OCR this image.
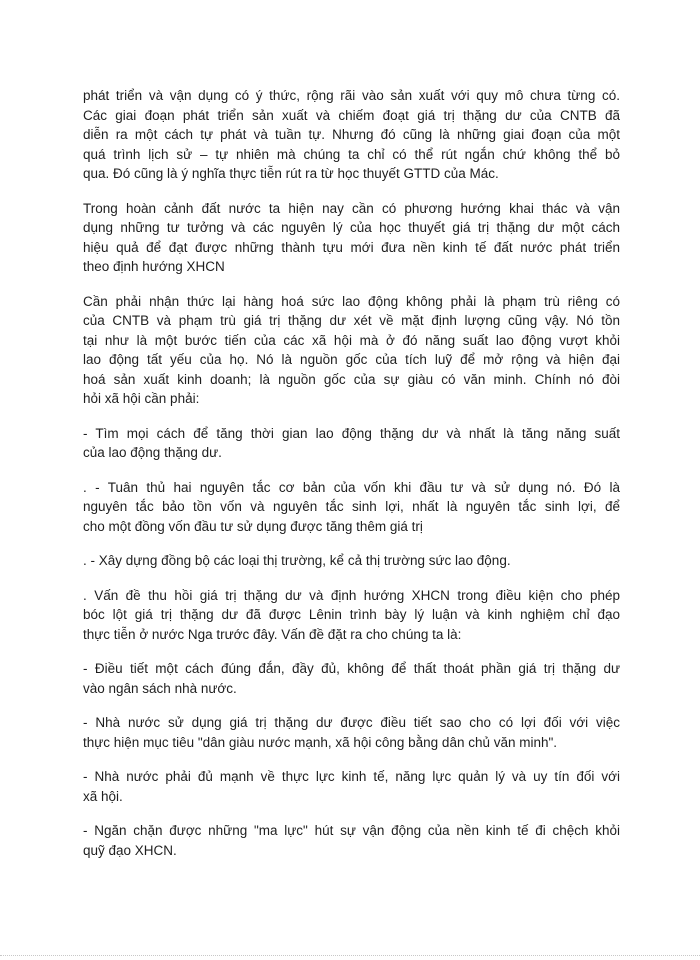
phát triển và vận dụng có ý thức, rộng rãi vào sản xuất với quy mô chưa từng có.
Các giai đoạn phát triển sản xuất và chiếm đoạt giá trị thặng dư của CNTB đã
diễn ra một cách tự phát và tuần tự. Nhưng đó cũng là những giai đoạn của một
quá trình lịch sử – tự nhiên mà chúng ta chỉ có thể rút ngắn chứ không thể bỏ
qua. Đó cũng là ý nghĩa thực tiễn rút ra từ học thuyết GTTD của Mác.

Trong hoàn cảnh đất nước ta hiện nay cần có phương hướng khai thác và vận
dụng những tư tưởng và các nguyên lý của học thuyết giá trị thặng dư một cách
hiệu quả để đạt được những thành tựu mới đưa nền kinh tế đất nước phát triển
theo định hướng XHCN

Cần phải nhận thức lại hàng hoá sức lao động không phải là phạm trù riêng có
của CNTB và phạm trù giá trị thặng dư xét về mặt định lượng cũng vậy. Nó tồn
tại như là một bước tiến của các xã hội mà ở đó năng suất lao động vượt khỏi
lao động tất yếu của họ. Nó là nguồn gốc của tích luỹ để mở rộng và hiện đại
hoá sản xuất kinh doanh; là nguồn gốc của sự giàu có văn minh. Chính nó đòi
hỏi xã hội cần phải:

- Tìm mọi cách để tăng thời gian lao động thặng dư và nhất là tăng năng suất
của lao động thặng dư.

. - Tuân thủ hai nguyên tắc cơ bản của vốn khi đầu tư và sử dụng nó. Đó là
nguyên tắc bảo tồn vốn và nguyên tắc sinh lợi, nhất là nguyên tắc sinh lợi, để
cho một đồng vốn đầu tư sử dụng được tăng thêm giá trị

. - Xây dựng đồng bộ các loại thị trường, kể cả thị trường sức lao động.

. Vấn đề thu hồi giá trị thặng dư và định hướng XHCN trong điều kiện cho phép
bóc lột giá trị thặng dư đã được Lênin trình bày lý luận và kinh nghiệm chỉ đạo
thực tiễn ở nước Nga trước đây. Vấn đề đặt ra cho chúng ta là:

- Điều tiết một cách đúng đắn, đầy đủ, không để thất thoát phần giá trị thặng dư
vào ngân sách nhà nước.

- Nhà nước sử dụng giá trị thặng dư được điều tiết sao cho có lợi đối với việc
thực hiện mục tiêu "dân giàu nước mạnh, xã hội công bằng dân chủ văn minh".

- Nhà nước phải đủ mạnh về thực lực kinh tế, năng lực quản lý và uy tín đối với
xã hội.

- Ngăn chặn được những "ma lực" hút sự vận động của nền kinh tế đi chệch khỏi
quỹ đạo XHCN.
